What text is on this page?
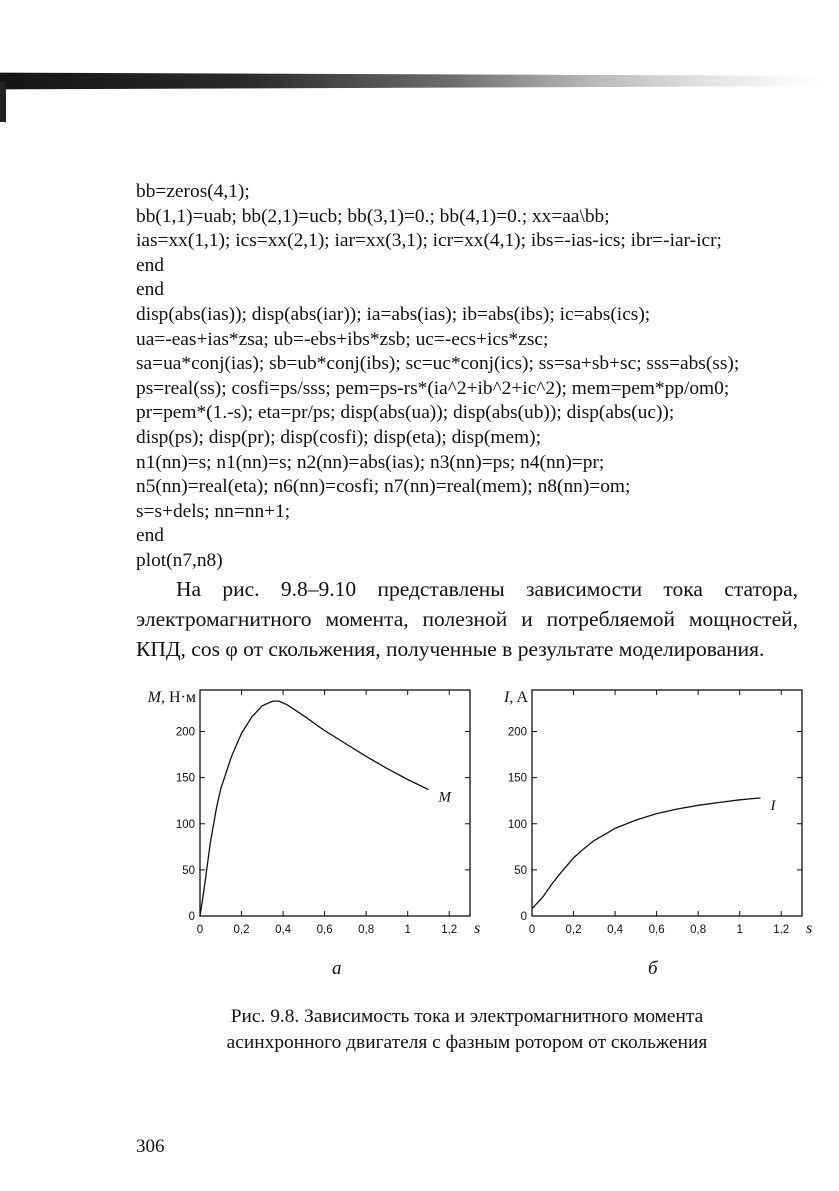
bb=zeros(4,1);
bb(1,1)=uab; bb(2,1)=ucb; bb(3,1)=0.; bb(4,1)=0.; xx=aa\bb;
ias=xx(1,1); ics=xx(2,1); iar=xx(3,1); icr=xx(4,1); ibs=-ias-ics; ibr=-iar-icr;
end
end
disp(abs(ias)); disp(abs(iar)); ia=abs(ias); ib=abs(ibs); ic=abs(ics);
ua=-eas+ias*zsa; ub=-ebs+ibs*zsb; uc=-ecs+ics*zsc;
sa=ua*conj(ias); sb=ub*conj(ibs); sc=uc*conj(ics); ss=sa+sb+sc; sss=abs(ss);
ps=real(ss); cosfi=ps/sss; pem=ps-rs*(ia^2+ib^2+ic^2); mem=pem*pp/om0;
pr=pem*(1.-s); eta=pr/ps; disp(abs(ua)); disp(abs(ub)); disp(abs(uc));
disp(ps); disp(pr); disp(cosfi); disp(eta); disp(mem);
n1(nn)=s; n1(nn)=s; n2(nn)=abs(ias); n3(nn)=ps; n4(nn)=pr;
n5(nn)=real(eta); n6(nn)=cosfi; n7(nn)=real(mem); n8(nn)=om;
s=s+dels; nn=nn+1;
end
plot(n7,n8)
На рис. 9.8–9.10 представлены зависимости тока статора, электромагнитного момента, полезной и потребляемой мощностей, КПД, cos φ от скольжения, полученные в результате моделирования.
0
50
100
150
200
0	0,2 0,4 0,6 0,8	1	1,2
M, Н·м
s
M
0
50
100
150
200
0	0,2 0,4 0,6 0,8	1	1,2
I, A
s
I
а	б
Рис. 9.8. Зависимость тока и электромагнитного момента
асинхронного двигателя с фазным ротором от скольжения
306
